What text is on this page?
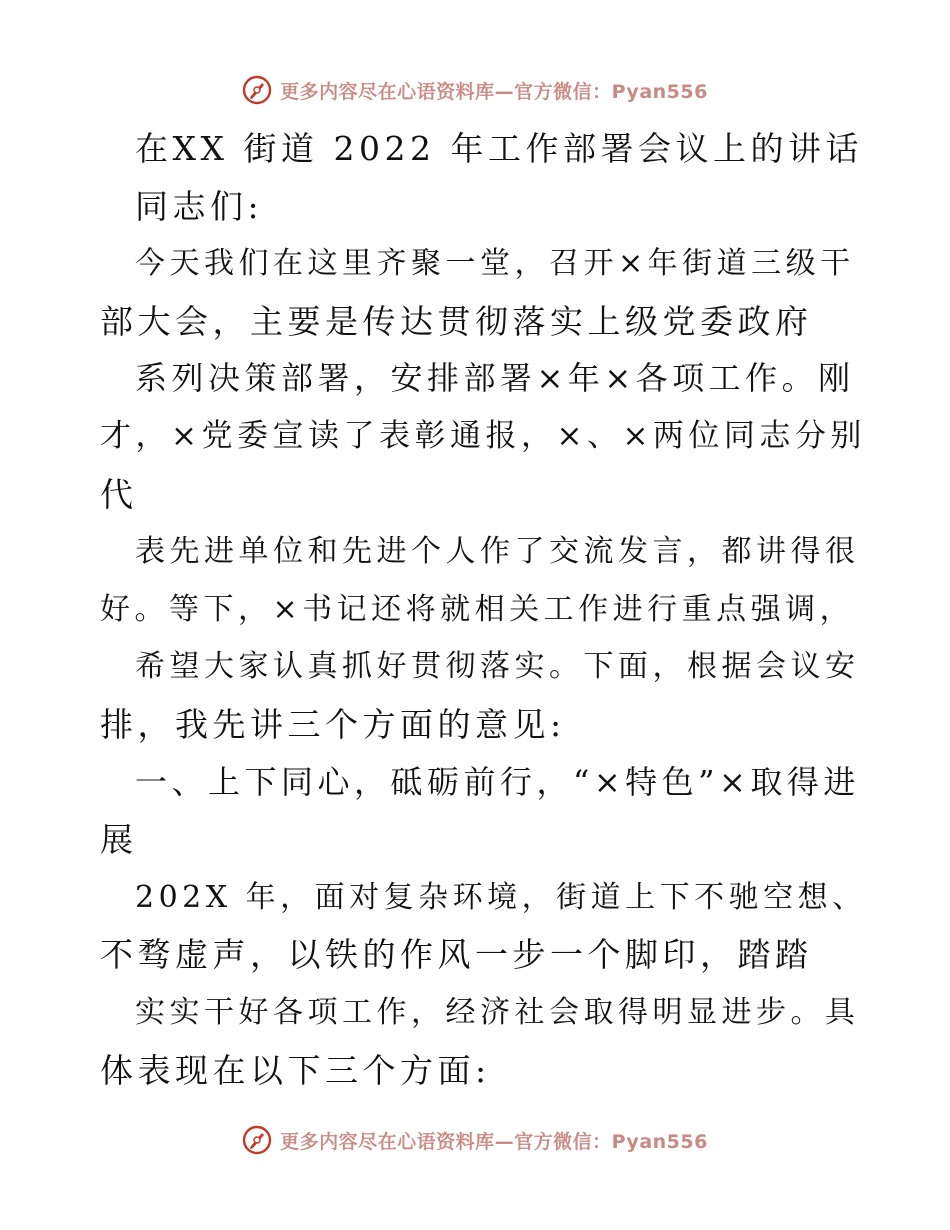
更多内容尽在心语资料库—官方微信：Pyan556
在XX 街道 2022 年工作部署会议上的讲话
同志们:
今天我们在这里齐聚一堂，召开×年街道三级干
部大会，主要是传达贯彻落实上级党委政府
系列决策部署，安排部署×年×各项工作。刚
才，×党委宣读了表彰通报，×、×两位同志分别
代
表先进单位和先进个人作了交流发言，都讲得很
好。等下，×书记还将就相关工作进行重点强调，
希望大家认真抓好贯彻落实。下面，根据会议安
排，我先讲三个方面的意见:
一、上下同心，砥砺前行，“×特色”×取得进
展
202X 年，面对复杂环境，街道上下不驰空想、
不骛虚声，以铁的作风一步一个脚印，踏踏
实实干好各项工作，经济社会取得明显进步。具
体表现在以下三个方面:
更多内容尽在心语资料库—官方微信：Pyan556
